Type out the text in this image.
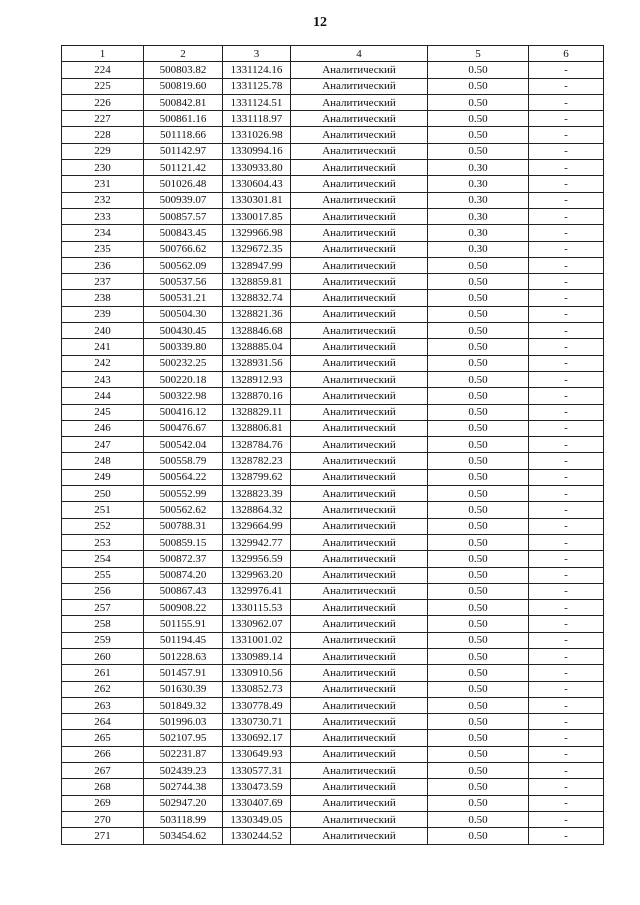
12
1	2	3	4	5	6
224	500803.82	1331124.16	Аналитический	0.50	-
225	500819.60	1331125.78	Аналитический	0.50	-
226	500842.81	1331124.51	Аналитический	0.50	-
227	500861.16	1331118.97	Аналитический	0.50	-
228	501118.66	1331026.98	Аналитический	0.50	-
229	501142.97	1330994.16	Аналитический	0.50	-
230	501121.42	1330933.80	Аналитический	0.30	-
231	501026.48	1330604.43	Аналитический	0.30	-
232	500939.07	1330301.81	Аналитический	0.30	-
233	500857.57	1330017.85	Аналитический	0.30	-
234	500843.45	1329966.98	Аналитический	0.30	-
235	500766.62	1329672.35	Аналитический	0.30	-
236	500562.09	1328947.99	Аналитический	0.50	-
237	500537.56	1328859.81	Аналитический	0.50	-
238	500531.21	1328832.74	Аналитический	0.50	-
239	500504.30	1328821.36	Аналитический	0.50	-
240	500430.45	1328846.68	Аналитический	0.50	-
241	500339.80	1328885.04	Аналитический	0.50	-
242	500232.25	1328931.56	Аналитический	0.50	-
243	500220.18	1328912.93	Аналитический	0.50	-
244	500322.98	1328870.16	Аналитический	0.50	-
245	500416.12	1328829.11	Аналитический	0.50	-
246	500476.67	1328806.81	Аналитический	0.50	-
247	500542.04	1328784.76	Аналитический	0.50	-
248	500558.79	1328782.23	Аналитический	0.50	-
249	500564.22	1328799.62	Аналитический	0.50	-
250	500552.99	1328823.39	Аналитический	0.50	-
251	500562.62	1328864.32	Аналитический	0.50	-
252	500788.31	1329664.99	Аналитический	0.50	-
253	500859.15	1329942.77	Аналитический	0.50	-
254	500872.37	1329956.59	Аналитический	0.50	-
255	500874.20	1329963.20	Аналитический	0.50	-
256	500867.43	1329976.41	Аналитический	0.50	-
257	500908.22	1330115.53	Аналитический	0.50	-
258	501155.91	1330962.07	Аналитический	0.50	-
259	501194.45	1331001.02	Аналитический	0.50	-
260	501228.63	1330989.14	Аналитический	0.50	-
261	501457.91	1330910.56	Аналитический	0.50	-
262	501630.39	1330852.73	Аналитический	0.50	-
263	501849.32	1330778.49	Аналитический	0.50	-
264	501996.03	1330730.71	Аналитический	0.50	-
265	502107.95	1330692.17	Аналитический	0.50	-
266	502231.87	1330649.93	Аналитический	0.50	-
267	502439.23	1330577.31	Аналитический	0.50	-
268	502744.38	1330473.59	Аналитический	0.50	-
269	502947.20	1330407.69	Аналитический	0.50	-
270	503118.99	1330349.05	Аналитический	0.50	-
271	503454.62	1330244.52	Аналитический	0.50	-
